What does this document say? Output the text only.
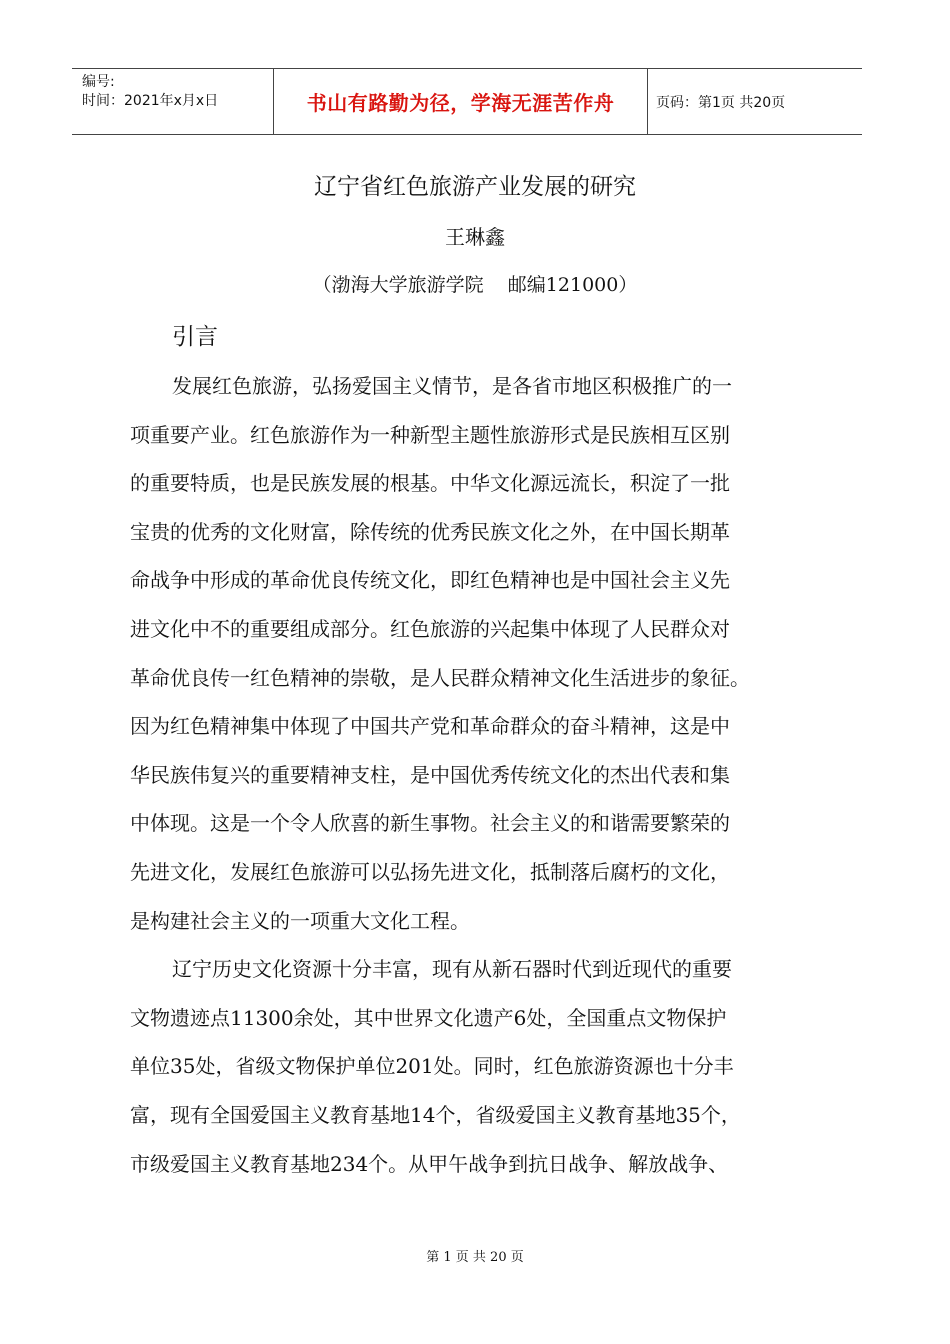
编号:
时间：2021年x月x日	书山有路勤为径，学海无涯苦作舟	页码：第1页 共20页
辽宁省红色旅游产业发展的研究
王琳鑫
（渤海大学旅游学院    邮编121000）
引言
发展红色旅游，弘扬爱国主义情节，是各省市地区积极推广的一
项重要产业。红色旅游作为一种新型主题性旅游形式是民族相互区别
的重要特质，也是民族发展的根基。中华文化源远流长，积淀了一批
宝贵的优秀的文化财富，除传统的优秀民族文化之外，在中国长期革
命战争中形成的革命优良传统文化，即红色精神也是中国社会主义先
进文化中不的重要组成部分。红色旅游的兴起集中体现了人民群众对
革命优良传一红色精神的崇敬，是人民群众精神文化生活进步的象征。
因为红色精神集中体现了中国共产党和革命群众的奋斗精神，这是中
华民族伟复兴的重要精神支柱，是中国优秀传统文化的杰出代表和集
中体现。这是一个令人欣喜的新生事物。社会主义的和谐需要繁荣的
先进文化，发展红色旅游可以弘扬先进文化，抵制落后腐朽的文化，
是构建社会主义的一项重大文化工程。
辽宁历史文化资源十分丰富，现有从新石器时代到近现代的重要
文物遗迹点11300余处，其中世界文化遗产6处，全国重点文物保护
单位35处，省级文物保护单位201处。同时，红色旅游资源也十分丰
富，现有全国爱国主义教育基地14个，省级爱国主义教育基地35个，
市级爱国主义教育基地234个。从甲午战争到抗日战争、解放战争、
第 1 页 共 20 页
